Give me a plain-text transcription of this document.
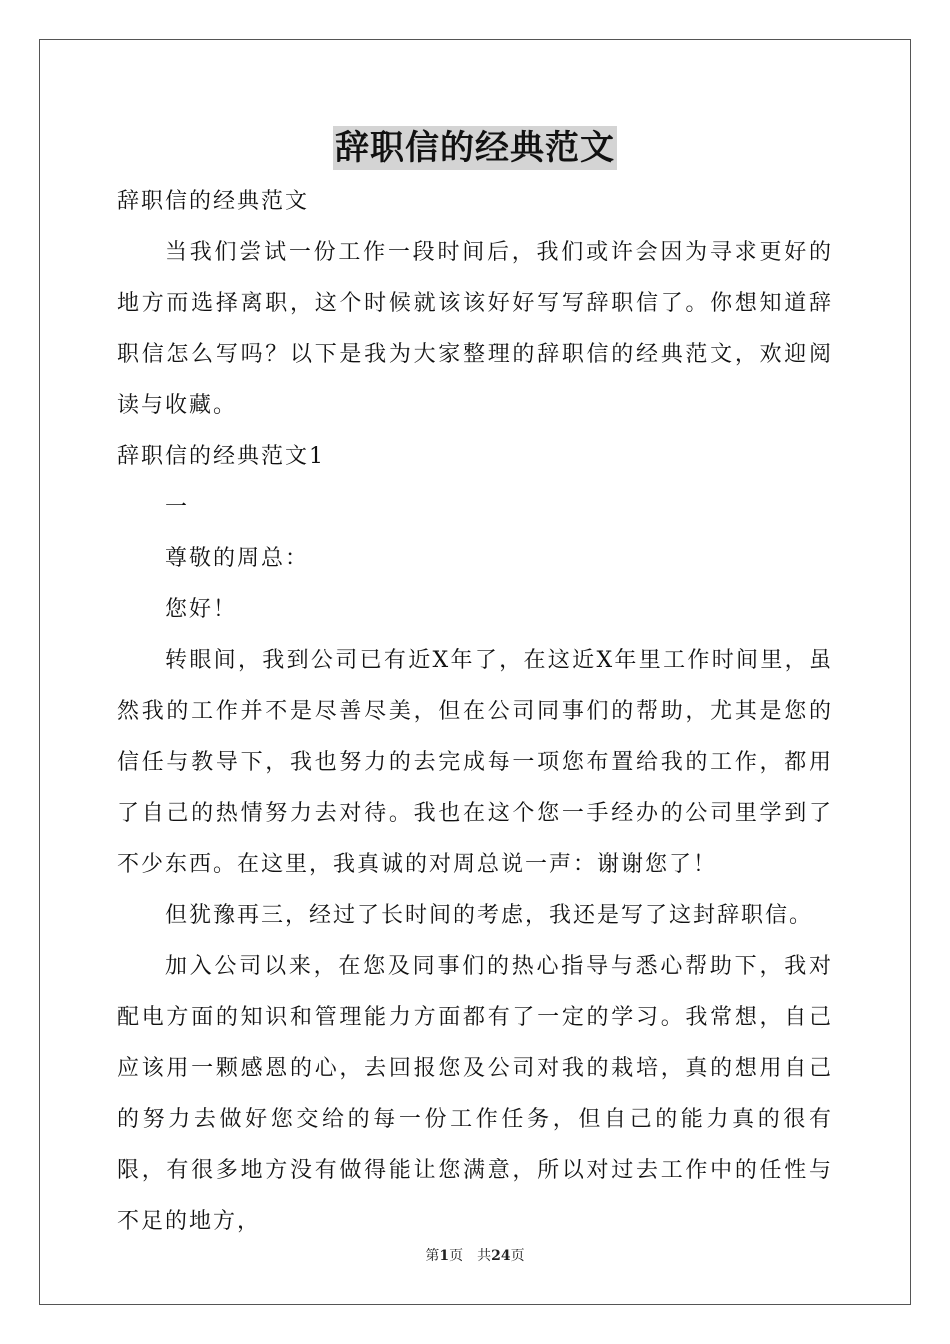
辞职信的经典范文

辞职信的经典范文

当我们尝试一份工作一段时间后，我们或许会因为寻求更好的地方而选择离职，这个时候就该该好好写写辞职信了。你想知道辞职信怎么写吗？以下是我为大家整理的辞职信的经典范文，欢迎阅读与收藏。

辞职信的经典范文1

一

尊敬的周总：

您好！

转眼间，我到公司已有近X年了，在这近X年里工作时间里，虽然我的工作并不是尽善尽美，但在公司同事们的帮助，尤其是您的信任与教导下，我也努力的去完成每一项您布置给我的工作，都用了自己的热情努力去对待。我也在这个您一手经办的公司里学到了不少东西。在这里，我真诚的对周总说一声：谢谢您了！

但犹豫再三，经过了长时间的考虑，我还是写了这封辞职信。

加入公司以来，在您及同事们的热心指导与悉心帮助下，我对配电方面的知识和管理能力方面都有了一定的学习。我常想，自己应该用一颗感恩的心，去回报您及公司对我的栽培，真的想用自己的努力去做好您交给的每一份工作任务，但自己的能力真的很有限，有很多地方没有做得能让您满意，所以对过去工作中的任性与不足的地方，

第1页 共24页
